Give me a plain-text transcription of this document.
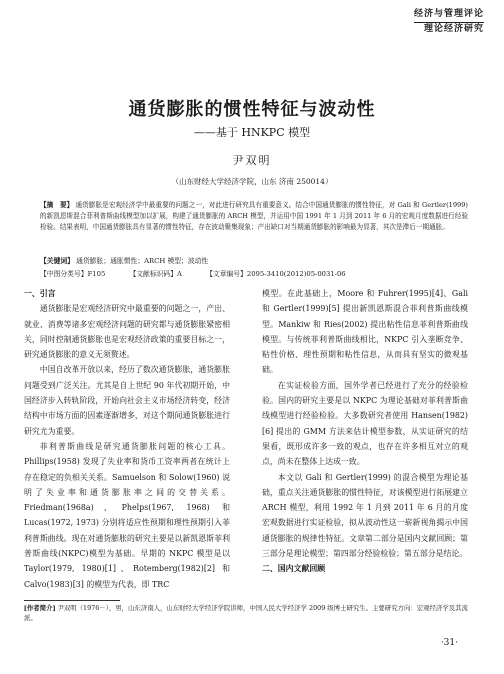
经济与管理评论
理论经济研究
通货膨胀的惯性特征与波动性
——基于 HNKPC 模型
尹双明
（山东财经大学经济学院，山东 济南 250014）
【摘　要】 通货膨胀是宏观经济学中最重要的问题之一，对此进行研究具有重要意义。结合中国通货膨胀的惯性特征，对 Gali 和 Gertler(1999) 的新凯恩斯混合菲利普斯曲线模型加以扩展，构建了通货膨胀的 ARCH 模型，并运用中国 1991 年 1 月到 2011 年 6 月的宏观月度数据进行经验检验。结果表明，中国通货膨胀具有显著的惯性特征，存在波动聚集现象；产出缺口对当期通货膨胀的影响最为显著，其次是滞后一期通胀。
【关键词】 通货膨胀；通胀惯性；ARCH 模型；波动性
【中图分类号】F105	【文献标识码】A	【文章编号】2095-3410(2012)05-0031-06

一、引言

通货膨胀是宏观经济研究中最重要的问题之一，产出、就业、消费等诸多宏观经济问题的研究都与通货膨胀紧密相关，同时控制通货膨胀也是宏观经济政策的重要目标之一，研究通货膨胀的意义无须赘述。

中国自改革开放以来，经历了数次通货膨胀，通货膨胀问题受到广泛关注。尤其是自上世纪 90 年代初期开始，中国经济步入转轨阶段，开始向社会主义市场经济转变，经济结构中市场方面的因素逐渐增多，对这个期间通货膨胀进行研究尤为重要。

菲利普斯曲线是研究通货膨胀问题的核心工具。Phillips(1958) 发现了失业率和货币工资率两者在统计上存在稳定的负相关关系。Samuelson 和 Solow(1960) 说明了失业率和通货膨胀率之间的交替关系。Friedman(1968a)、Phelps(1967, 1968) 和 Lucas(1972, 1973) 分别将适应性预期和理性预期引入菲利普斯曲线。现在对通货膨胀的研究主要是以新凯恩斯菲利普斯曲线(NKPC)模型为基础。早期的 NKPC 模型是以 Taylor(1979, 1980)[1]、Rotemberg(1982)[2] 和 Calvo(1983)[3] 的模型为代表，即 TRC

模型。在此基础上，Moore 和 Fuhrer(1995)[4]、Gali 和 Gertler(1999)[5] 提出新凯恩斯混合菲利普斯曲线模型。Mankiw 和 Ries(2002) 提出粘性信息菲利普斯曲线模型。与传统菲利普斯曲线相比，NKPC 引入垄断竞争、粘性价格、理性预期和粘性信息，从而具有坚实的微观基础。

在实证检验方面，国外学者已经进行了充分的经验检验。国内的研究主要是以 NKPC 为理论基础对菲利普斯曲线模型进行经验检验。大多数研究者使用 Hansen(1982)[6] 提出的 GMM 方法来估计模型参数，从实证研究的结果看，既形成许多一致的观点，也存在许多相互对立的观点，尚未在整体上达成一致。

本文以 Gali 和 Gertler(1999) 的混合模型为理论基础，重点关注通货膨胀的惯性特征，对该模型进行拓展建立 ARCH 模型，利用 1992 年 1 月到 2011 年 6 月的月度宏观数据进行实证检验，拟从波动性这一崭新视角揭示中国通货膨胀的规律性特征。文章第二部分是国内文献回顾；第三部分是理论模型；第四部分经验检验；第五部分是结论。

二、国内文献回顾

[作者简介] 尹双明（1976－），男，山东济南人，山东财经大学经济学院讲师，中国人民大学经济学 2009 级博士研究生。主要研究方向：宏观经济学及其流派。
·31·
